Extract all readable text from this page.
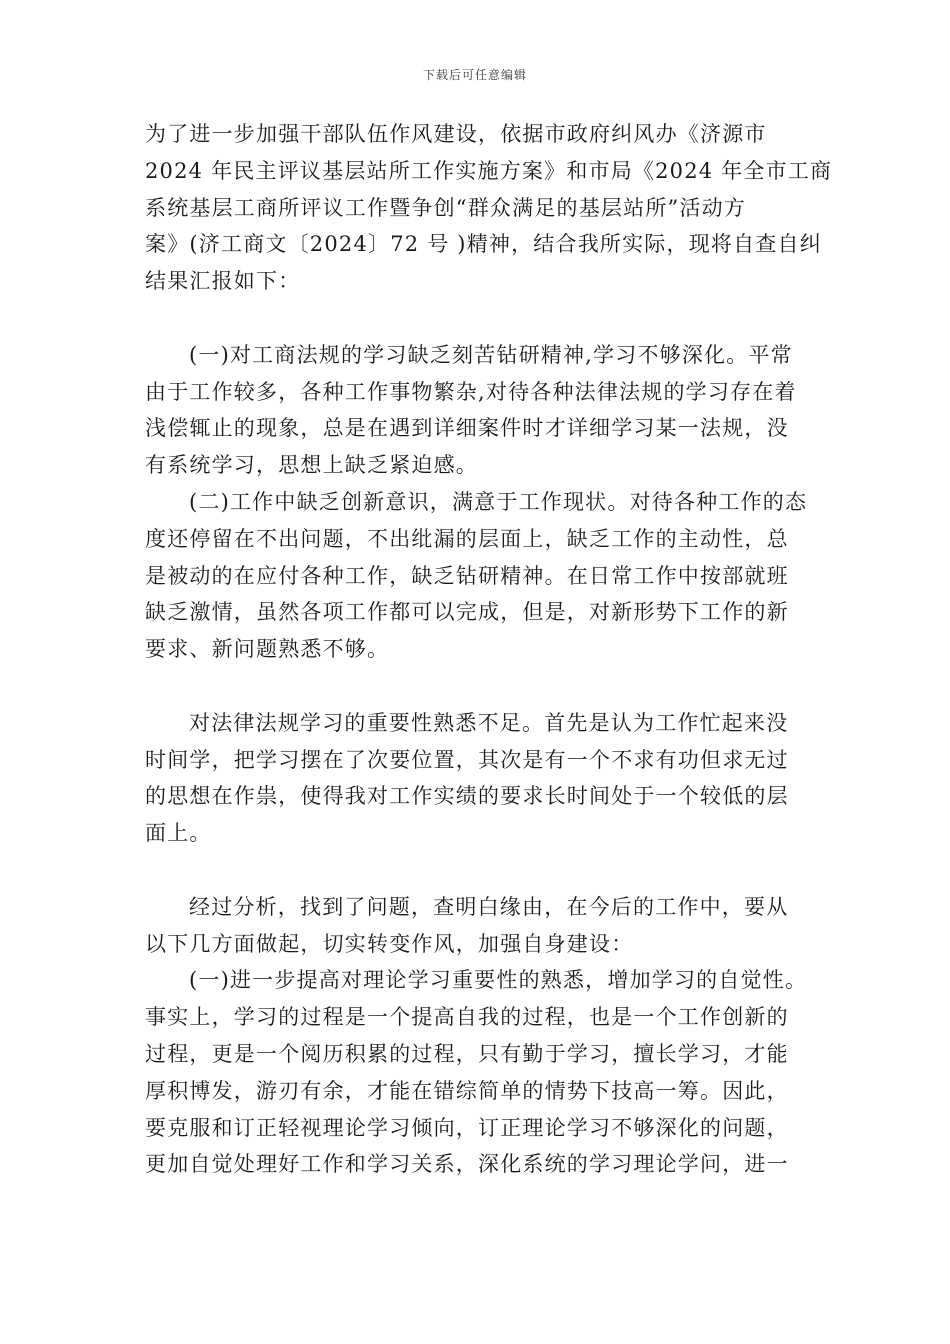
下载后可任意编辑

为了进一步加强干部队伍作风建设，依据市政府纠风办《济源市
2024 年民主评议基层站所工作实施方案》和市局《2024 年全市工商
系统基层工商所评议工作暨争创“群众满足的基层站所”活动方
案》(济工商文〔2024〕72 号 )精神，结合我所实际，现将自查自纠
结果汇报如下：

(一)对工商法规的学习缺乏刻苦钻研精神,学习不够深化。平常
由于工作较多，各种工作事物繁杂,对待各种法律法规的学习存在着
浅偿辄止的现象，总是在遇到详细案件时才详细学习某一法规，没
有系统学习，思想上缺乏紧迫感。

(二)工作中缺乏创新意识，满意于工作现状。对待各种工作的态
度还停留在不出问题，不出纰漏的层面上，缺乏工作的主动性，总
是被动的在应付各种工作，缺乏钻研精神。在日常工作中按部就班
缺乏激情，虽然各项工作都可以完成，但是，对新形势下工作的新
要求、新问题熟悉不够。

对法律法规学习的重要性熟悉不足。首先是认为工作忙起来没
时间学，把学习摆在了次要位置，其次是有一个不求有功但求无过
的思想在作祟，使得我对工作实绩的要求长时间处于一个较低的层
面上。

经过分析，找到了问题，查明白缘由，在今后的工作中，要从
以下几方面做起，切实转变作风，加强自身建设：

(一)进一步提高对理论学习重要性的熟悉，增加学习的自觉性。
事实上，学习的过程是一个提高自我的过程，也是一个工作创新的
过程，更是一个阅历积累的过程，只有勤于学习，擅长学习，才能
厚积博发，游刃有余，才能在错综简单的情势下技高一筹。因此，
要克服和订正轻视理论学习倾向，订正理论学习不够深化的问题，
更加自觉处理好工作和学习关系，深化系统的学习理论学问，进一
